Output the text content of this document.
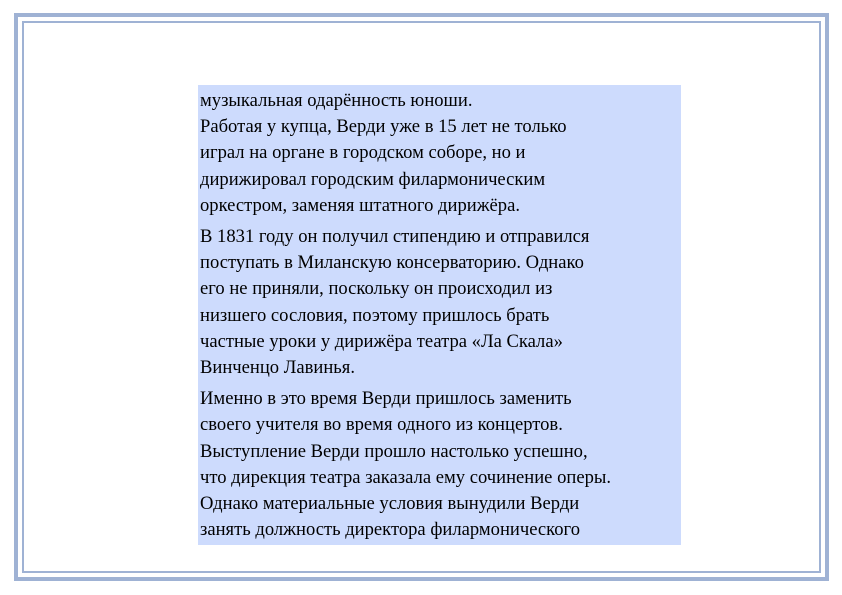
музыкальная одарённость юноши.
Работая у купца, Верди уже в 15 лет не только
играл на органе в городском соборе, но и
дирижировал городским филармоническим
оркестром, заменяя штатного дирижёра.

В 1831 году он получил стипендию и отправился
поступать в Миланскую консерваторию. Однако
его не приняли, поскольку он происходил из
низшего сословия, поэтому пришлось брать
частные уроки у дирижёра театра «Ла Скала»
Винченцо Лавинья.

Именно в это время Верди пришлось заменить
своего учителя во время одного из концертов.
Выступление Верди прошло настолько успешно,
что дирекция театра заказала ему сочинение оперы.
Однако материальные условия вынудили Верди
занять должность директора филармонического
